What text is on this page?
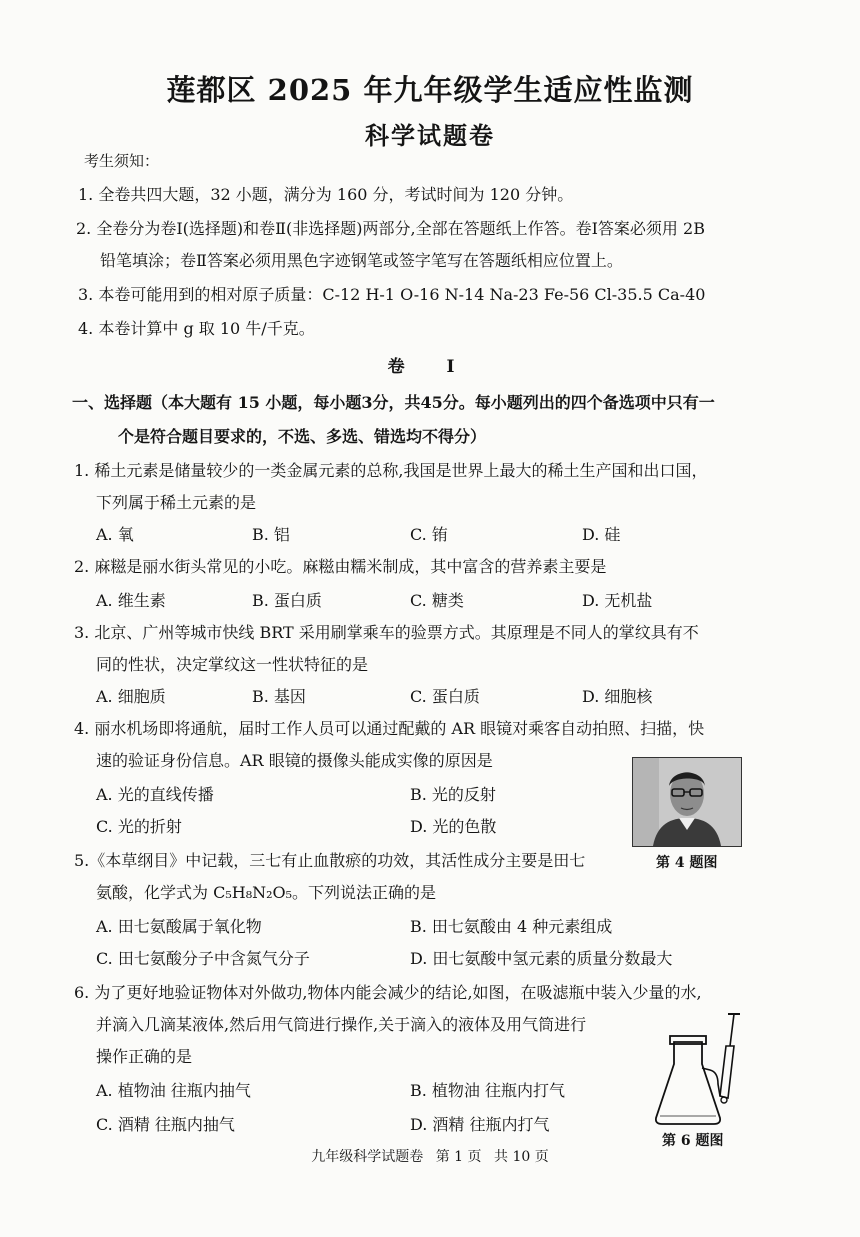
莲都区 2025 年九年级学生适应性监测
科学试题卷
考生须知：
1. 全卷共四大题，32 小题，满分为 160 分，考试时间为 120 分钟。
2. 全卷分为卷Ⅰ(选择题)和卷Ⅱ(非选择题)两部分,全部在答题纸上作答。卷Ⅰ答案必须用 2B
铅笔填涂；卷Ⅱ答案必须用黑色字迹钢笔或签字笔写在答题纸相应位置上。
3. 本卷可能用到的相对原子质量：C-12 H-1 O-16 N-14 Na-23 Fe-56 Cl-35.5 Ca-40
4. 本卷计算中 g 取 10 牛/千克。
卷 Ⅰ
一、选择题（本大题有 15 小题，每小题3分，共45分。每小题列出的四个备选项中只有一
个是符合题目要求的，不选、多选、错选均不得分）
1. 稀土元素是储量较少的一类金属元素的总称,我国是世界上最大的稀土生产国和出口国，
下列属于稀土元素的是
A. 氧	B. 铝	C. 铕	D. 硅
2. 麻糍是丽水街头常见的小吃。麻糍由糯米制成，其中富含的营养素主要是
A. 维生素	B. 蛋白质	C. 糖类	D. 无机盐
3. 北京、广州等城市快线 BRT 采用刷掌乘车的验票方式。其原理是不同人的掌纹具有不
同的性状，决定掌纹这一性状特征的是
A. 细胞质	B. 基因	C. 蛋白质	D. 细胞核
4. 丽水机场即将通航，届时工作人员可以通过配戴的 AR 眼镜对乘客自动拍照、扫描，快
速的验证身份信息。AR 眼镜的摄像头能成实像的原因是
A. 光的直线传播	B. 光的反射
C. 光的折射	D. 光的色散
第 4 题图
5.《本草纲目》中记载，三七有止血散瘀的功效，其活性成分主要是田七
氨酸，化学式为 C₅H₈N₂O₅。下列说法正确的是
A. 田七氨酸属于氧化物	B. 田七氨酸由 4 种元素组成
C. 田七氨酸分子中含氮气分子	D. 田七氨酸中氢元素的质量分数最大
6. 为了更好地验证物体对外做功,物体内能会减少的结论,如图，在吸滤瓶中装入少量的水,
并滴入几滴某液体,然后用气筒进行操作,关于滴入的液体及用气筒进行
操作正确的是
A. 植物油 往瓶内抽气	B. 植物油 往瓶内打气
C. 酒精 往瓶内抽气	D. 酒精 往瓶内打气
第 6 题图
九年级科学试题卷 第 1 页 共 10 页
